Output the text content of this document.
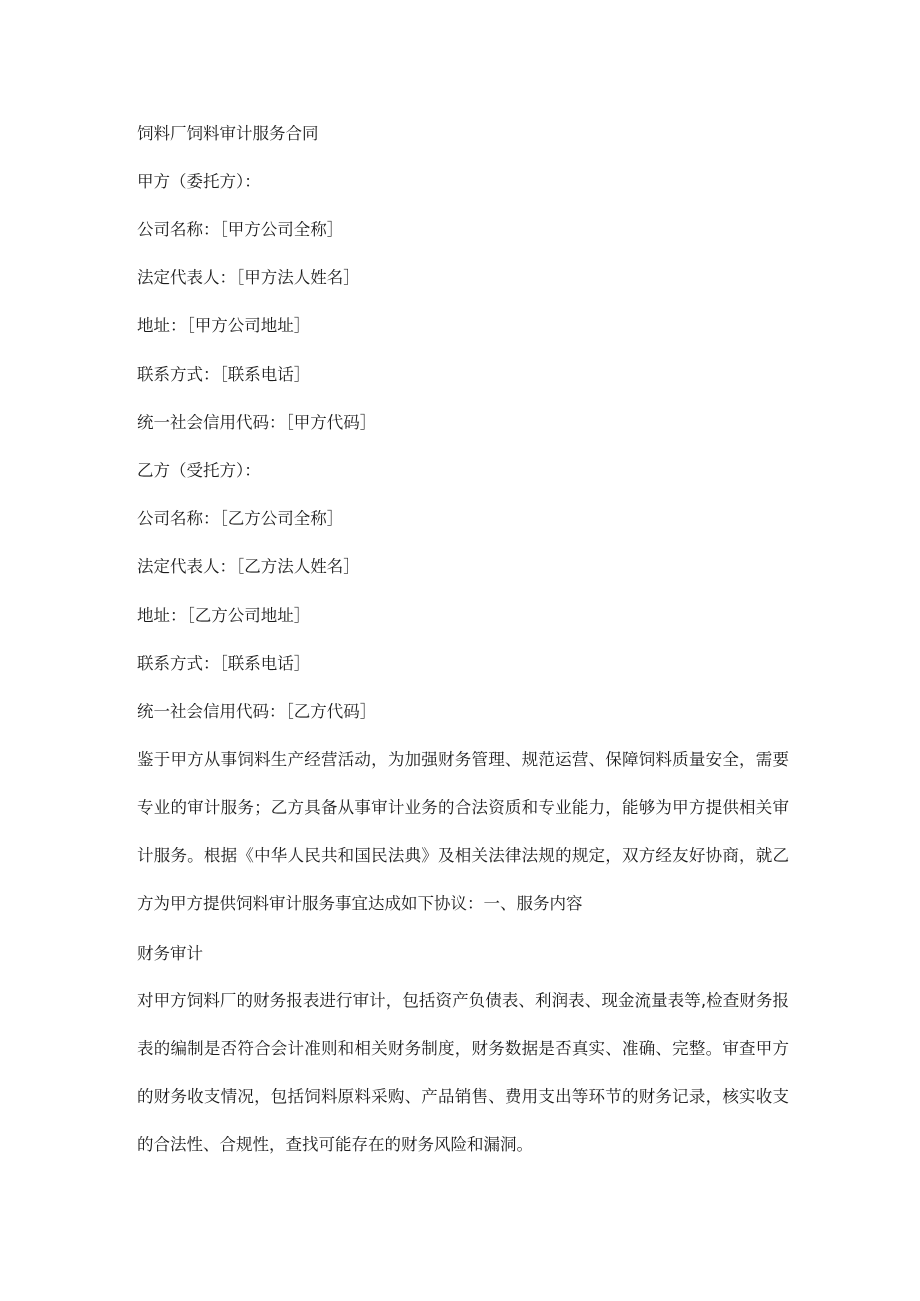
饲料厂饲料审计服务合同

甲方（委托方）：

公司名称：［甲方公司全称］

法定代表人：［甲方法人姓名］

地址：［甲方公司地址］

联系方式：［联系电话］

统一社会信用代码：［甲方代码］

乙方（受托方）：

公司名称：［乙方公司全称］

法定代表人：［乙方法人姓名］

地址：［乙方公司地址］

联系方式：［联系电话］

统一社会信用代码：［乙方代码］

鉴于甲方从事饲料生产经营活动，为加强财务管理、规范运营、保障饲料质量安全，需要专业的审计服务；乙方具备从事审计业务的合法资质和专业能力，能够为甲方提供相关审计服务。根据《中华人民共和国民法典》及相关法律法规的规定，双方经友好协商，就乙方为甲方提供饲料审计服务事宜达成如下协议：一、服务内容

财务审计

对甲方饲料厂的财务报表进行审计，包括资产负债表、利润表、现金流量表等,检查财务报表的编制是否符合会计准则和相关财务制度，财务数据是否真实、准确、完整。审查甲方的财务收支情况，包括饲料原料采购、产品销售、费用支出等环节的财务记录，核实收支的合法性、合规性，查找可能存在的财务风险和漏洞。
